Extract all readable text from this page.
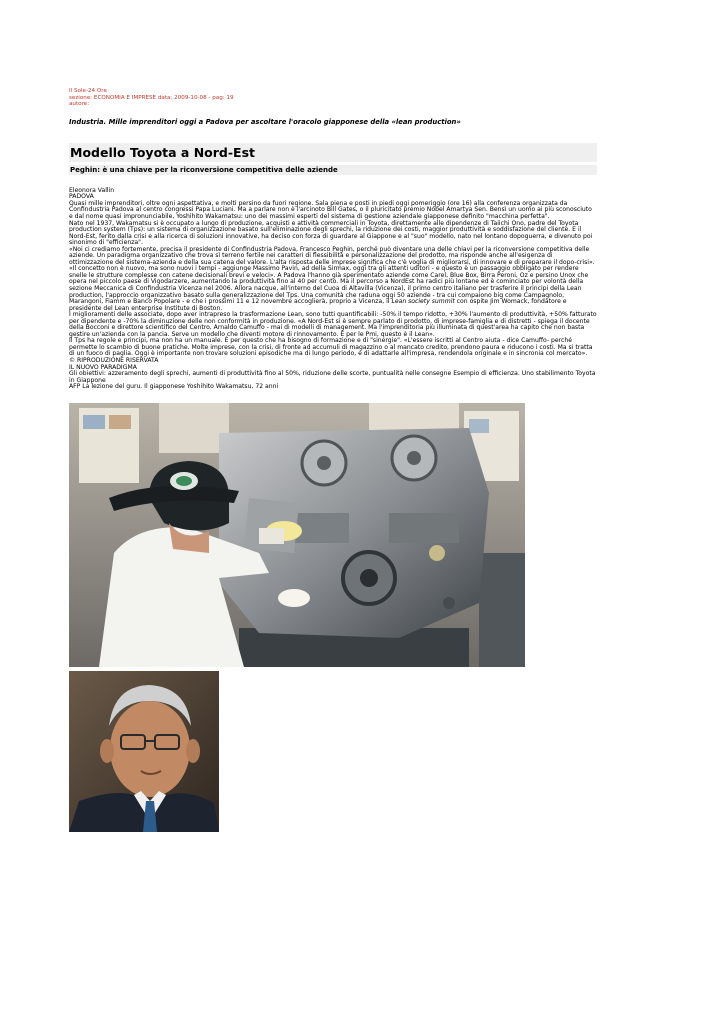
Il Sole-24 Ore
sezione: ECONOMIA E IMPRESE data: 2009-10-08 - pag: 19
autore:
Industria. Mille imprenditori oggi a Padova per ascoltare l'oracolo giapponese della «lean production»
Modello Toyota a Nord-Est
Peghin: è una chiave per la riconversione competitiva delle aziende
Eleonora Vallin
PADOVA
Quasi mille imprenditori, oltre ogni aspettativa, e molti persino da fuori regione. Sala piena e posti in piedi oggi pomeriggio (ore 16) alla conferenza organizzata da Confindustria Padova al centro congressi Papa Luciani. Ma a parlare non è l'arcinoto Bill Gates, o il pluricitato premio Nobel Amartya Sen. Bensì un uomo ai più sconosciuto e dal nome quasi impronunciabile, Yoshihito Wakamatsu: uno dei massimi esperti del sistema di gestione aziendale giapponese definito "macchina perfetta".
Nato nel 1937, Wakamatsu si è occupato a lungo di produzione, acquisti e attività commerciali in Toyota, direttamente alle dipendenze di Taiichi Ono, padre del Toyota production system (Tps): un sistema di organizzazione basato sull'eliminazione degli sprechi, la riduzione dei costi, maggior produttività e soddisfazione del cliente. E il Nord-Est, ferito dalla crisi e alla ricerca di soluzioni innovative, ha deciso con forza di guardare al Giappone e al "suo" modello, nato nel lontano dopoguerra, e divenuto poi sinonimo di "efficienza".
«Noi ci crediamo fortemente, precisa il presidente di Confindustria Padova, Francesco Peghin, perché può diventare una delle chiavi per la riconversione competitiva delle aziende. Un paradigma organizzativo che trova sì terreno fertile nei caratteri di flessibilità e personalizzazione del prodotto, ma risponde anche all'esigenza di ottimizzazione del sistema-azienda e della sua catena del valore. L'alta risposta delle imprese significa che c'è voglia di migliorarsi, di innovare e di preparare il dopo-crisi».
«Il concetto non è nuovo, ma sono nuovi i tempi - aggiunge Massimo Pavin, ad della Sirmax, oggi tra gli attenti uditori - e questo è un passaggio obbligato per rendere snelle le strutture complesse con catene decisionali brevi e veloci». A Padova l'hanno già sperimentato aziende come Carel, Blue Box, Birra Peroni, Oz e persino Unox che opera nel piccolo paese di Vigodarzere, aumentando la produttività fino al 40 per cento. Ma il percorso a NordEst ha radici più lontane ed è cominciato per volontà della sezione Meccanica di Confindustria Vicenza nel 2006. Allora nacque, all'interno del Cuoa di Altavilla (Vicenza), il primo centro italiano per trasferire il principi della Lean production, l'approccio organizzativo basato sulla generalizzazione del Tps. Una comunità che raduna oggi 50 aziende - tra cui compaiono big come Campagnolo, Marangoni, Fiamm e Banco Popolare - e che i prossimi 11 e 12 novembre accoglierà, proprio a Vicenza, il Lean society summit con ospite Jim Womack, fondatore e presidente del Lean enterprise Institute di Boston.
I miglioramenti delle associate, dopo aver intrapreso la trasformazione Lean, sono tutti quantificabili: -50% il tempo ridotto, +30% l'aumento di produttività, +50% fatturato per dipendente e -70% la diminuzione delle non conformità in produzione. «A Nord-Est si è sempre parlato di prodotto, di imprese-famiglia e di distretti - spiega il docente della Bocconi e direttore scientifico del Centro, Arnaldo Camuffo - mai di modelli di management. Ma l'imprenditoria più illuminata di quest'area ha capito che non basta gestire un'azienda con la pancia. Serve un modello che diventi motore di rinnovamento. È per le Pmi, questo è il Lean».
Il Tps ha regole e principi, ma non ha un manuale. È per questo che ha bisogno di formazione e di "sinergie". «L'essere iscritti al Centro aiuta - dice Camuffo- perché permette lo scambio di buone pratiche. Molte imprese, con la crisi, di fronte ad accumuli di magazzino o al mancato credito, prendono paura e riducono i costi. Ma si tratta di un fuoco di paglia. Oggi è importante non trovare soluzioni episodiche ma di lungo periodo, e di adattarle all'impresa, rendendola originale e in sincronia col mercato».
© RIPRODUZIONE RISERVATA
IL NUOVO PARADIGMA
Gli obiettivi: azzeramento degli sprechi, aumenti di produttività fino al 50%, riduzione delle scorte, puntualità nelle consegne Esempio di efficienza. Uno stabilimento Toyota in Giappone
AFP La lezione del guru. Il giapponese Yoshihito Wakamatsu, 72 anni
